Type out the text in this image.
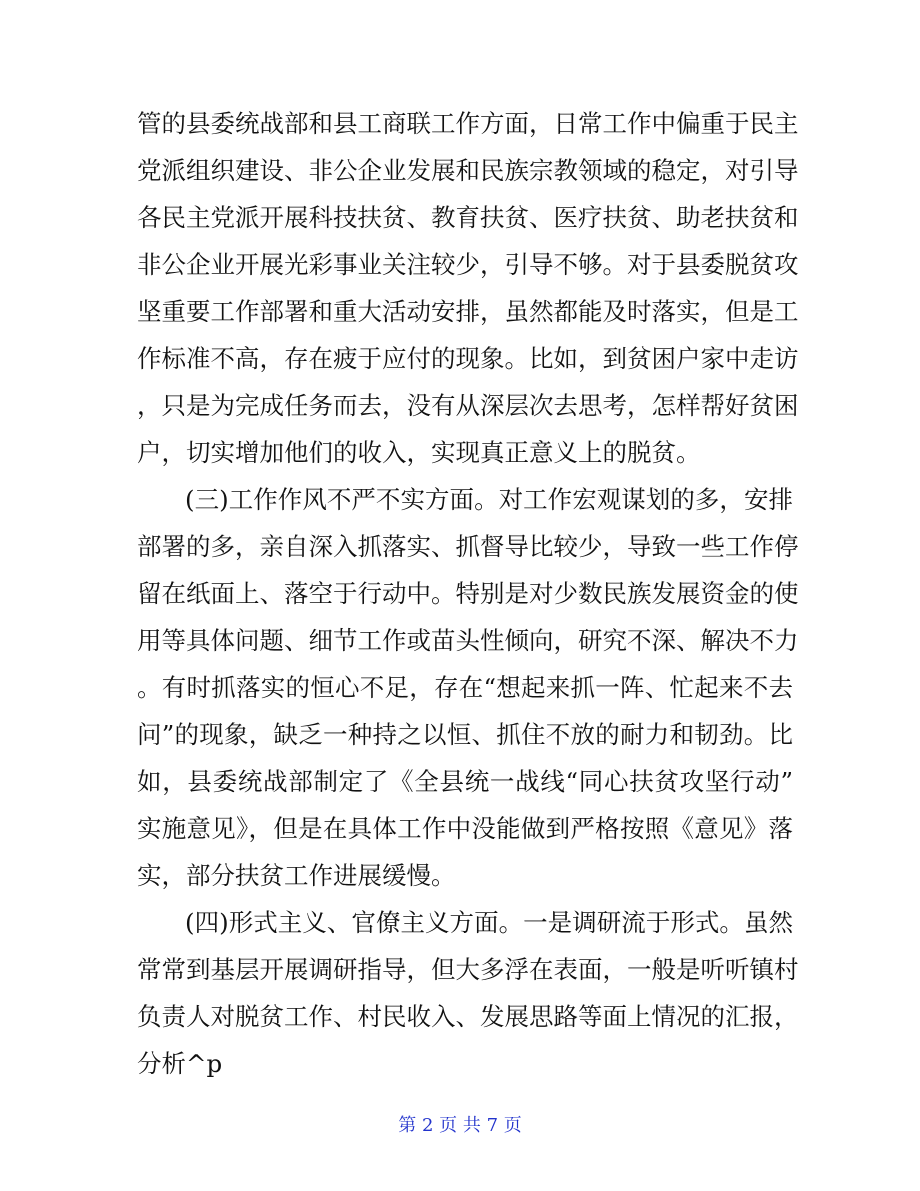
管的县委统战部和县工商联工作方面，日常工作中偏重于民主
党派组织建设、非公企业发展和民族宗教领域的稳定，对引导
各民主党派开展科技扶贫、教育扶贫、医疗扶贫、助老扶贫和
非公企业开展光彩事业关注较少，引导不够。对于县委脱贫攻
坚重要工作部署和重大活动安排，虽然都能及时落实，但是工
作标准不高，存在疲于应付的现象。比如，到贫困户家中走访
，只是为完成任务而去，没有从深层次去思考，怎样帮好贫困
户，切实增加他们的收入，实现真正意义上的脱贫。
(三)工作作风不严不实方面。对工作宏观谋划的多，安排
部署的多，亲自深入抓落实、抓督导比较少，导致一些工作停
留在纸面上、落空于行动中。特别是对少数民族发展资金的使
用等具体问题、细节工作或苗头性倾向，研究不深、解决不力
。有时抓落实的恒心不足，存在“想起来抓一阵、忙起来不去
问”的现象，缺乏一种持之以恒、抓住不放的耐力和韧劲。比
如，县委统战部制定了《全县统一战线“同心扶贫攻坚行动”
实施意见》，但是在具体工作中没能做到严格按照《意见》落
实，部分扶贫工作进展缓慢。
(四)形式主义、官僚主义方面。一是调研流于形式。虽然
常常到基层开展调研指导，但大多浮在表面，一般是听听镇村
负责人对脱贫工作、村民收入、发展思路等面上情况的汇报，
分析^p
第 2 页 共 7 页
